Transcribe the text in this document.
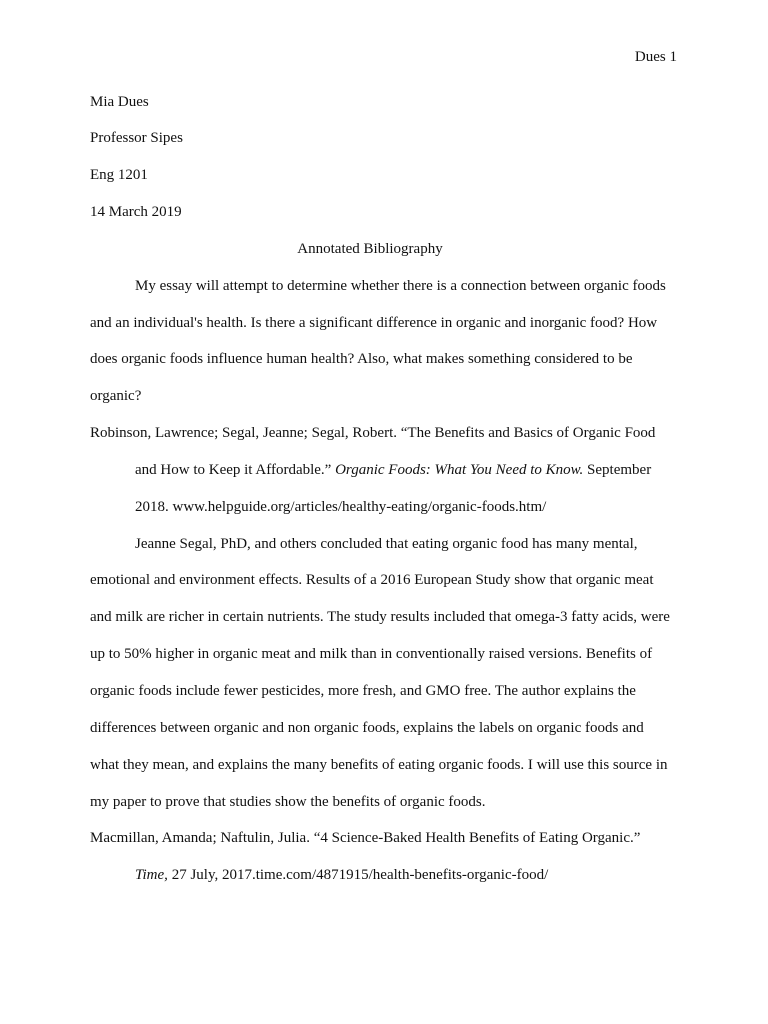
Dues 1
Mia Dues
Professor Sipes
Eng 1201
14 March 2019
Annotated Bibliography
My essay will attempt to determine whether there is a connection between organic foods
and an individual's health. Is there a significant difference in organic and inorganic food? How
does organic foods influence human health? Also, what makes something considered to be
organic?
Robinson, Lawrence; Segal, Jeanne; Segal, Robert. “The Benefits and Basics of Organic Food
and How to Keep it Affordable.” Organic Foods: What You Need to Know. September
2018. www.helpguide.org/articles/healthy-eating/organic-foods.htm/
Jeanne Segal, PhD, and others concluded that eating organic food has many mental,
emotional and environment effects. Results of a 2016 European Study show that organic meat
and milk are richer in certain nutrients. The study results included that omega-3 fatty acids, were
up to 50% higher in organic meat and milk than in conventionally raised versions. Benefits of
organic foods include fewer pesticides, more fresh, and GMO free. The author explains the
differences between organic and non organic foods, explains the labels on organic foods and
what they mean, and explains the many benefits of eating organic foods. I will use this source in
my paper to prove that studies show the benefits of organic foods.
Macmillan, Amanda; Naftulin, Julia. “4 Science-Baked Health Benefits of Eating Organic.”
Time, 27 July, 2017.time.com/4871915/health-benefits-organic-food/
